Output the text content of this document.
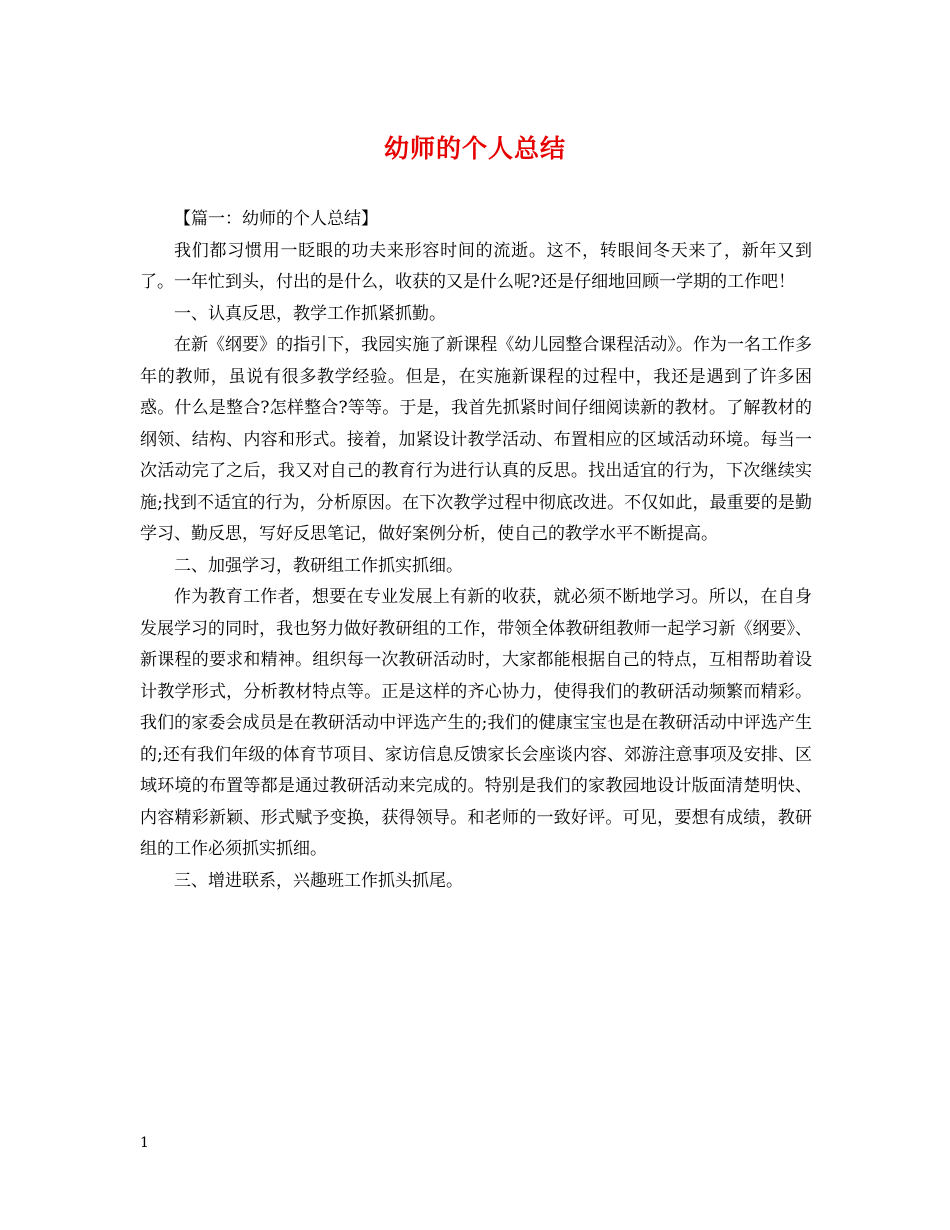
幼师的个人总结

【篇一：幼师的个人总结】

我们都习惯用一眨眼的功夫来形容时间的流逝。这不，转眼间冬天来了，新年又到了。一年忙到头，付出的是什么，收获的又是什么呢?还是仔细地回顾一学期的工作吧！

一、认真反思，教学工作抓紧抓勤。

在新《纲要》的指引下，我园实施了新课程《幼儿园整合课程活动》。作为一名工作多年的教师，虽说有很多教学经验。但是，在实施新课程的过程中，我还是遇到了许多困惑。什么是整合?怎样整合?等等。于是，我首先抓紧时间仔细阅读新的教材。了解教材的纲领、结构、内容和形式。接着，加紧设计教学活动、布置相应的区域活动环境。每当一次活动完了之后，我又对自己的教育行为进行认真的反思。找出适宜的行为，下次继续实施;找到不适宜的行为，分析原因。在下次教学过程中彻底改进。不仅如此，最重要的是勤学习、勤反思，写好反思笔记，做好案例分析，使自己的教学水平不断提高。

二、加强学习，教研组工作抓实抓细。

作为教育工作者，想要在专业发展上有新的收获，就必须不断地学习。所以，在自身发展学习的同时，我也努力做好教研组的工作，带领全体教研组教师一起学习新《纲要》、新课程的要求和精神。组织每一次教研活动时，大家都能根据自己的特点，互相帮助着设计教学形式，分析教材特点等。正是这样的齐心协力，使得我们的教研活动频繁而精彩。我们的家委会成员是在教研活动中评选产生的;我们的健康宝宝也是在教研活动中评选产生的;还有我们年级的体育节项目、家访信息反馈家长会座谈内容、郊游注意事项及安排、区域环境的布置等都是通过教研活动来完成的。特别是我们的家教园地设计版面清楚明快、内容精彩新颖、形式赋予变换，获得领导。和老师的一致好评。可见，要想有成绩，教研组的工作必须抓实抓细。

三、增进联系，兴趣班工作抓头抓尾。

1
